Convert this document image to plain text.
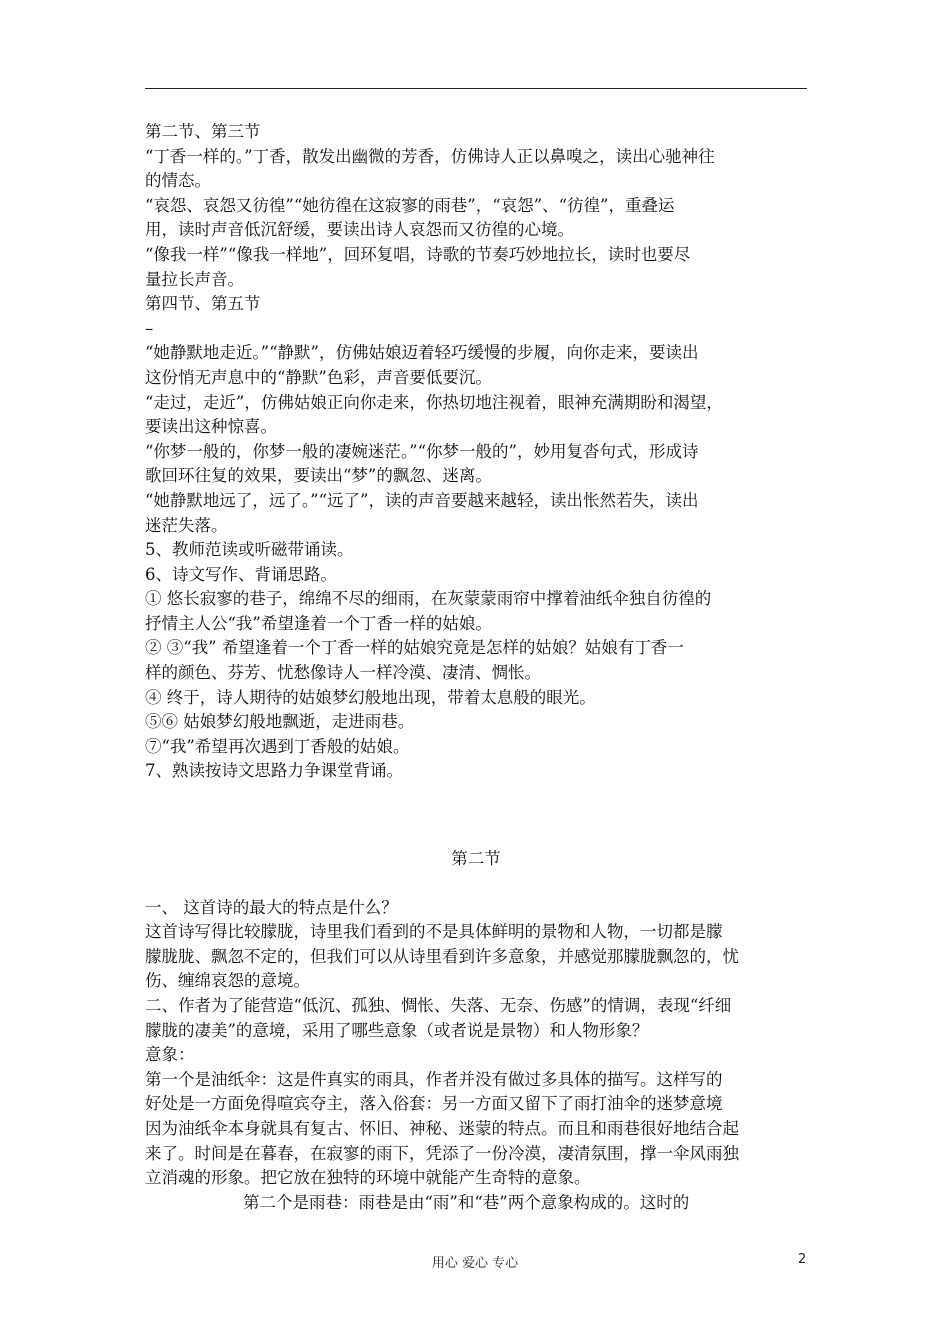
第二节、第三节
“丁香一样的。”丁香，散发出幽微的芳香，仿佛诗人正以鼻嗅之，读出心驰神往
的情态。
“哀怨、哀怨又彷徨”“她彷徨在这寂寥的雨巷”，“哀怨”、“彷徨”，重叠运
用，读时声音低沉舒缓，要读出诗人哀怨而又彷徨的心境。
“像我一样”“像我一样地”，回环复唱，诗歌的节奏巧妙地拉长，读时也要尽
量拉长声音。
第四节、第五节
–
“她静默地走近。”“静默”，仿佛姑娘迈着轻巧缓慢的步履，向你走来，要读出
这份悄无声息中的“静默”色彩，声音要低要沉。
“走过，走近”，仿佛姑娘正向你走来，你热切地注视着，眼神充满期盼和渴望，
要读出这种惊喜。
“你梦一般的，你梦一般的凄婉迷茫。”“你梦一般的”，妙用复沓句式，形成诗
歌回环往复的效果，要读出“梦”的飘忽、迷离。
“她静默地远了，远了。”“远了”，读的声音要越来越轻，读出怅然若失，读出
迷茫失落。
5、教师范读或听磁带诵读。
6、诗文写作、背诵思路。
① 悠长寂寥的巷子，绵绵不尽的细雨，在灰蒙蒙雨帘中撑着油纸伞独自彷徨的
抒情主人公“我”希望逢着一个丁香一样的姑娘。
② ③“我” 希望逢着一个丁香一样的姑娘究竟是怎样的姑娘？姑娘有丁香一
样的颜色、芬芳、忧愁像诗人一样冷漠、凄清、惆怅。
④ 终于，诗人期待的姑娘梦幻般地出现，带着太息般的眼光。
⑤⑥ 姑娘梦幻般地飘逝，走进雨巷。
⑦“我”希望再次遇到丁香般的姑娘。
7、熟读按诗文思路力争课堂背诵。
第二节
一、 这首诗的最大的特点是什么？
这首诗写得比较朦胧，诗里我们看到的不是具体鲜明的景物和人物，一切都是朦
朦胧胧、飘忽不定的，但我们可以从诗里看到许多意象，并感觉那朦胧飘忽的，忧
伤、缠绵哀怨的意境。
二、作者为了能营造“低沉、孤独、惆怅、失落、无奈、伤感”的情调，表现“纤细
朦胧的凄美”的意境，采用了哪些意象（或者说是景物）和人物形象？
意象：
第一个是油纸伞：这是件真实的雨具，作者并没有做过多具体的描写。这样写的
好处是一方面免得喧宾夺主，落入俗套：另一方面又留下了雨打油伞的迷梦意境
因为油纸伞本身就具有复古、怀旧、神秘、迷蒙的特点。而且和雨巷很好地结合起
来了。时间是在暮春，在寂寥的雨下，凭添了一份冷漠，凄清氛围，撑一伞风雨独
立消魂的形象。把它放在独特的环境中就能产生奇特的意象。
第二个是雨巷：雨巷是由“雨”和“巷”两个意象构成的。这时的
用心 爱心 专心	2
